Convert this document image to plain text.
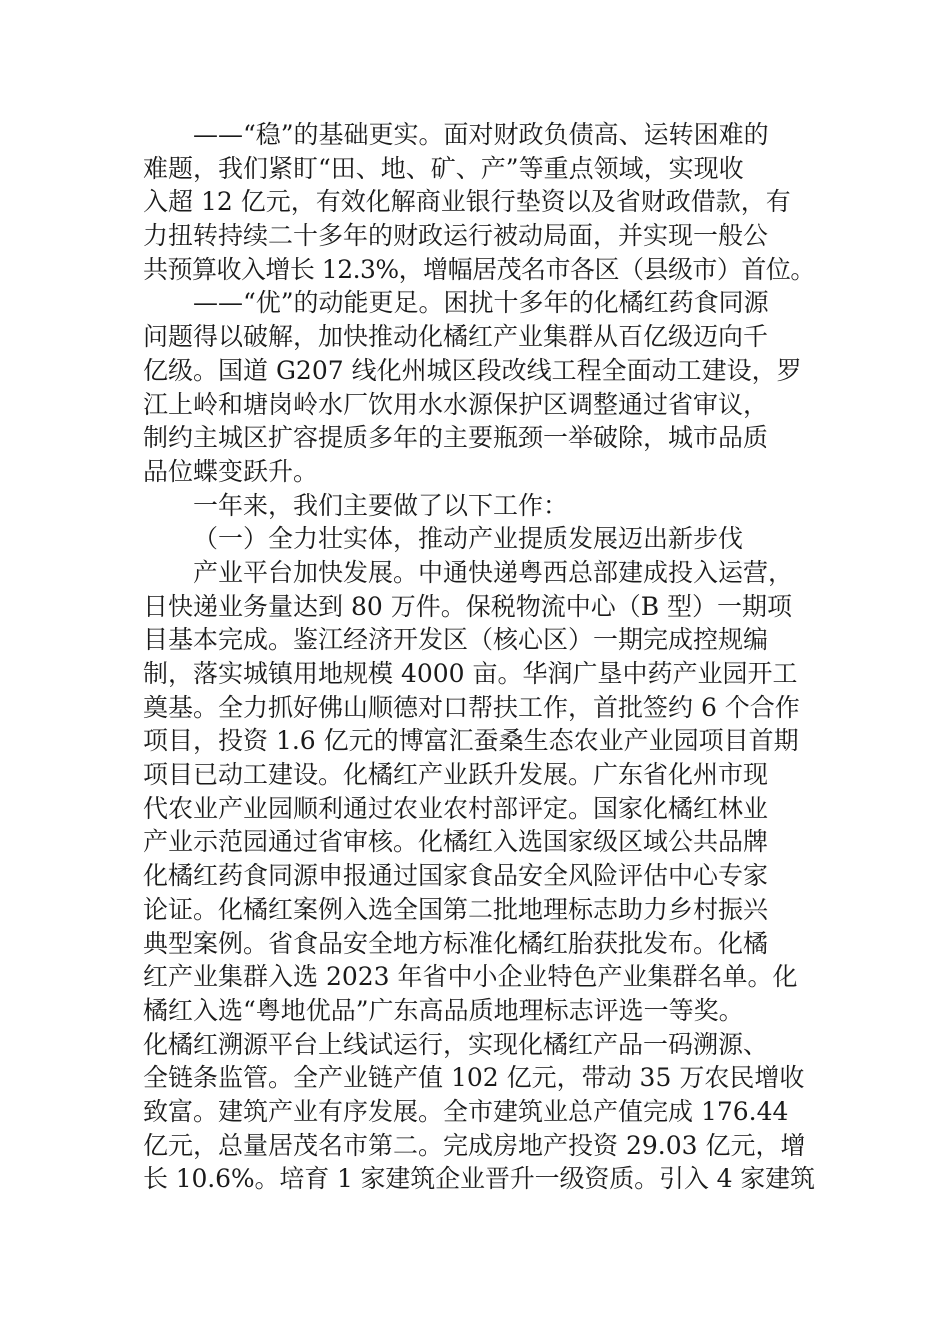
——“稳”的基础更实。面对财政负债高、运转困难的
难题，我们紧盯“田、地、矿、产”等重点领域，实现收
入超 12 亿元，有效化解商业银行垫资以及省财政借款，有
力扭转持续二十多年的财政运行被动局面，并实现一般公
共预算收入增长 12.3%，增幅居茂名市各区（县级市）首位。
——“优”的动能更足。困扰十多年的化橘红药食同源
问题得以破解，加快推动化橘红产业集群从百亿级迈向千
亿级。国道 G207 线化州城区段改线工程全面动工建设，罗
江上岭和塘岗岭水厂饮用水水源保护区调整通过省审议，
制约主城区扩容提质多年的主要瓶颈一举破除，城市品质
品位蝶变跃升。
一年来，我们主要做了以下工作：
（一）全力壮实体，推动产业提质发展迈出新步伐
产业平台加快发展。中通快递粤西总部建成投入运营，
日快递业务量达到 80 万件。保税物流中心（B 型）一期项
目基本完成。鉴江经济开发区（核心区）一期完成控规编
制，落实城镇用地规模 4000 亩。华润广垦中药产业园开工
奠基。全力抓好佛山顺德对口帮扶工作，首批签约 6 个合作
项目，投资 1.6 亿元的博富汇蚕桑生态农业产业园项目首期
项目已动工建设。化橘红产业跃升发展。广东省化州市现
代农业产业园顺利通过农业农村部评定。国家化橘红林业
产业示范园通过省审核。化橘红入选国家级区域公共品牌
化橘红药食同源申报通过国家食品安全风险评估中心专家
论证。化橘红案例入选全国第二批地理标志助力乡村振兴
典型案例。省食品安全地方标准化橘红胎获批发布。化橘
红产业集群入选 2023 年省中小企业特色产业集群名单。化
橘红入选“粤地优品”广东高品质地理标志评选一等奖。
化橘红溯源平台上线试运行，实现化橘红产品一码溯源、
全链条监管。全产业链产值 102 亿元，带动 35 万农民增收
致富。建筑产业有序发展。全市建筑业总产值完成 176.44
亿元，总量居茂名市第二。完成房地产投资 29.03 亿元，增
长 10.6%。培育 1 家建筑企业晋升一级资质。引入 4 家建筑
